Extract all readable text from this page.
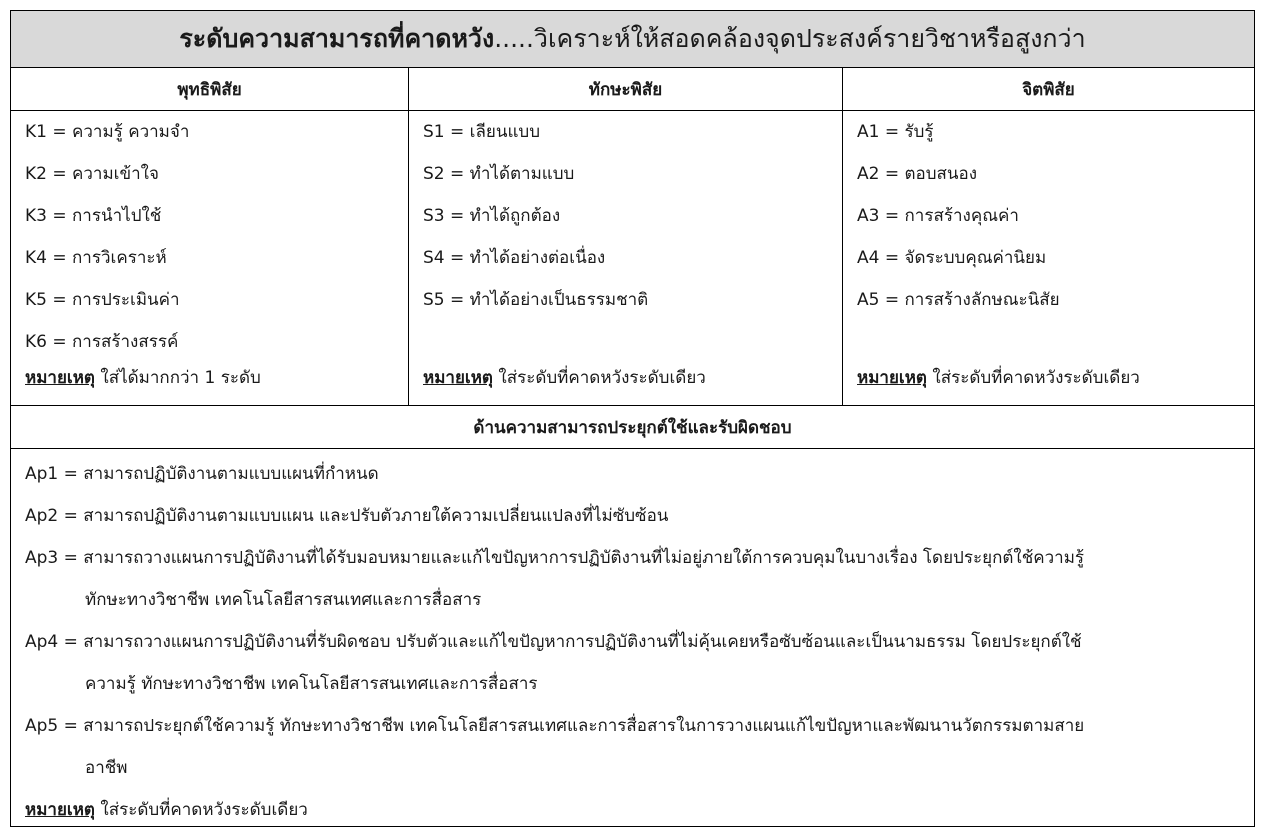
ระดับความสามารถที่คาดหวัง .....วิเคราะห์ให้สอดคล้องจุดประสงค์รายวิชาหรือสูงกว่า
พุทธิพิสัย
K1 = ความรู้ ความจำ
K2 = ความเข้าใจ
K3 = การนำไปใช้
K4 = การวิเคราะห์
K5 = การประเมินค่า
K6 = การสร้างสรรค์
หมายเหตุ ใส่ได้มากกว่า 1 ระดับ
ทักษะพิสัย
S1 = เลียนแบบ
S2 = ทำได้ตามแบบ
S3 = ทำได้ถูกต้อง
S4 = ทำได้อย่างต่อเนื่อง
S5 = ทำได้อย่างเป็นธรรมชาติ
หมายเหตุ ใส่ระดับที่คาดหวังระดับเดียว
จิตพิสัย
A1 = รับรู้
A2 = ตอบสนอง
A3 = การสร้างคุณค่า
A4 = จัดระบบคุณค่านิยม
A5 = การสร้างลักษณะนิสัย
หมายเหตุ ใส่ระดับที่คาดหวังระดับเดียว
ด้านความสามารถประยุกต์ใช้และรับผิดชอบ
Ap1 = สามารถปฏิบัติงานตามแบบแผนที่กำหนด
Ap2 = สามารถปฏิบัติงานตามแบบแผน และปรับตัวภายใต้ความเปลี่ยนแปลงที่ไม่ซับซ้อน
Ap3 = สามารถวางแผนการปฏิบัติงานที่ได้รับมอบหมายและแก้ไขปัญหาการปฏิบัติงานที่ไม่อยู่ภายใต้การควบคุมในบางเรื่อง โดยประยุกต์ใช้ความรู้
ทักษะทางวิชาชีพ เทคโนโลยีสารสนเทศและการสื่อสาร
Ap4 = สามารถวางแผนการปฏิบัติงานที่รับผิดชอบ ปรับตัวและแก้ไขปัญหาการปฏิบัติงานที่ไม่คุ้นเคยหรือซับซ้อนและเป็นนามธรรม โดยประยุกต์ใช้
ความรู้ ทักษะทางวิชาชีพ เทคโนโลยีสารสนเทศและการสื่อสาร
Ap5 = สามารถประยุกต์ใช้ความรู้ ทักษะทางวิชาชีพ เทคโนโลยีสารสนเทศและการสื่อสารในการวางแผนแก้ไขปัญหาและพัฒนานวัตกรรมตามสาย
อาชีพ
หมายเหตุ ใส่ระดับที่คาดหวังระดับเดียว
